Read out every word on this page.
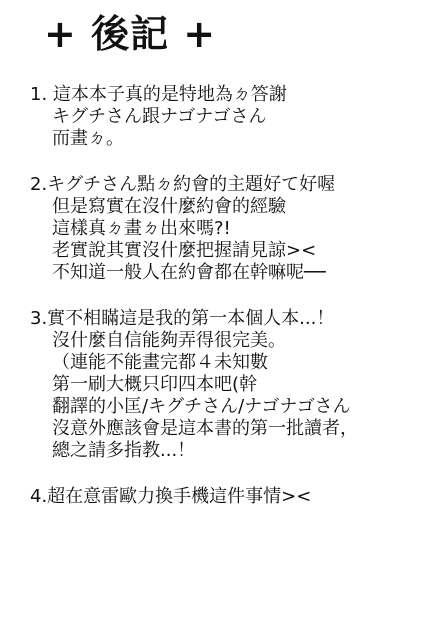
+ 後記 +
1. 這本本子真的是特地為ㄉ答謝
キグチさん跟ナゴナゴさん
而畫ㄉ。
2.キグチさん點ㄉ約會的主題好て好喔
但是寫實在沒什麼約會的經驗
這樣真ㄉ畫ㄉ出來嗎?!
老實說其實沒什麼把握請見諒><
不知道一般人在約會都在幹嘛呢──
3.實不相瞞這是我的第一本個人本...！
沒什麼自信能夠弄得很完美。
（連能不能畫完都４未知數
第一刷大概只印四本吧(幹
翻譯的小匡/キグチさん/ナゴナゴさん
沒意外應該會是這本書的第一批讀者，
總之請多指教...！
4.超在意雷歐力換手機這件事情><
